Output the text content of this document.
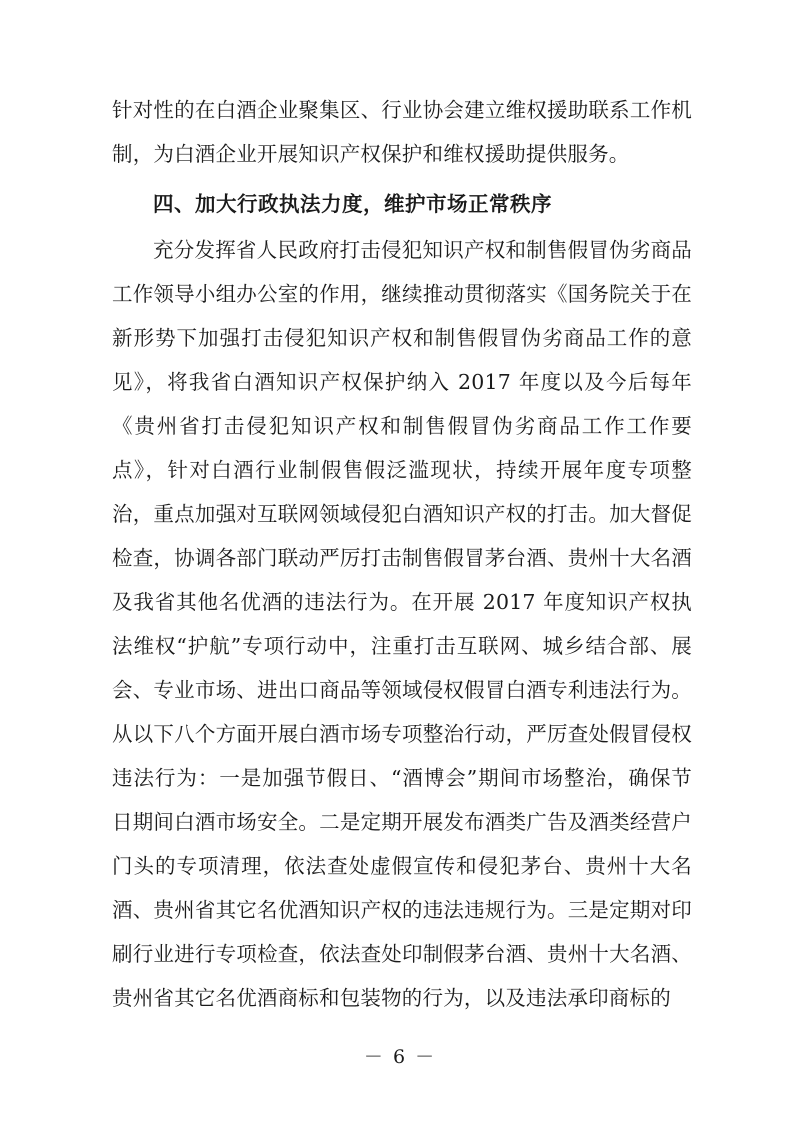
针对性的在白酒企业聚集区、行业协会建立维权援助联系工作机制，为白酒企业开展知识产权保护和维权援助提供服务。

四、加大行政执法力度，维护市场正常秩序

充分发挥省人民政府打击侵犯知识产权和制售假冒伪劣商品工作领导小组办公室的作用，继续推动贯彻落实《国务院关于在新形势下加强打击侵犯知识产权和制售假冒伪劣商品工作的意见》，将我省白酒知识产权保护纳入 2017 年度以及今后每年《贵州省打击侵犯知识产权和制售假冒伪劣商品工作工作要点》，针对白酒行业制假售假泛滥现状，持续开展年度专项整治，重点加强对互联网领域侵犯白酒知识产权的打击。加大督促检查，协调各部门联动严厉打击制售假冒茅台酒、贵州十大名酒及我省其他名优酒的违法行为。在开展 2017 年度知识产权执法维权“护航”专项行动中，注重打击互联网、城乡结合部、展会、专业市场、进出口商品等领域侵权假冒白酒专利违法行为。从以下八个方面开展白酒市场专项整治行动，严厉查处假冒侵权违法行为：一是加强节假日、“酒博会”期间市场整治，确保节日期间白酒市场安全。二是定期开展发布酒类广告及酒类经营户门头的专项清理，依法查处虚假宣传和侵犯茅台、贵州十大名酒、贵州省其它名优酒知识产权的违法违规行为。三是定期对印刷行业进行专项检查，依法查处印制假茅台酒、贵州十大名酒、贵州省其它名优酒商标和包装物的行为，以及违法承印商标的

－ 6 －
